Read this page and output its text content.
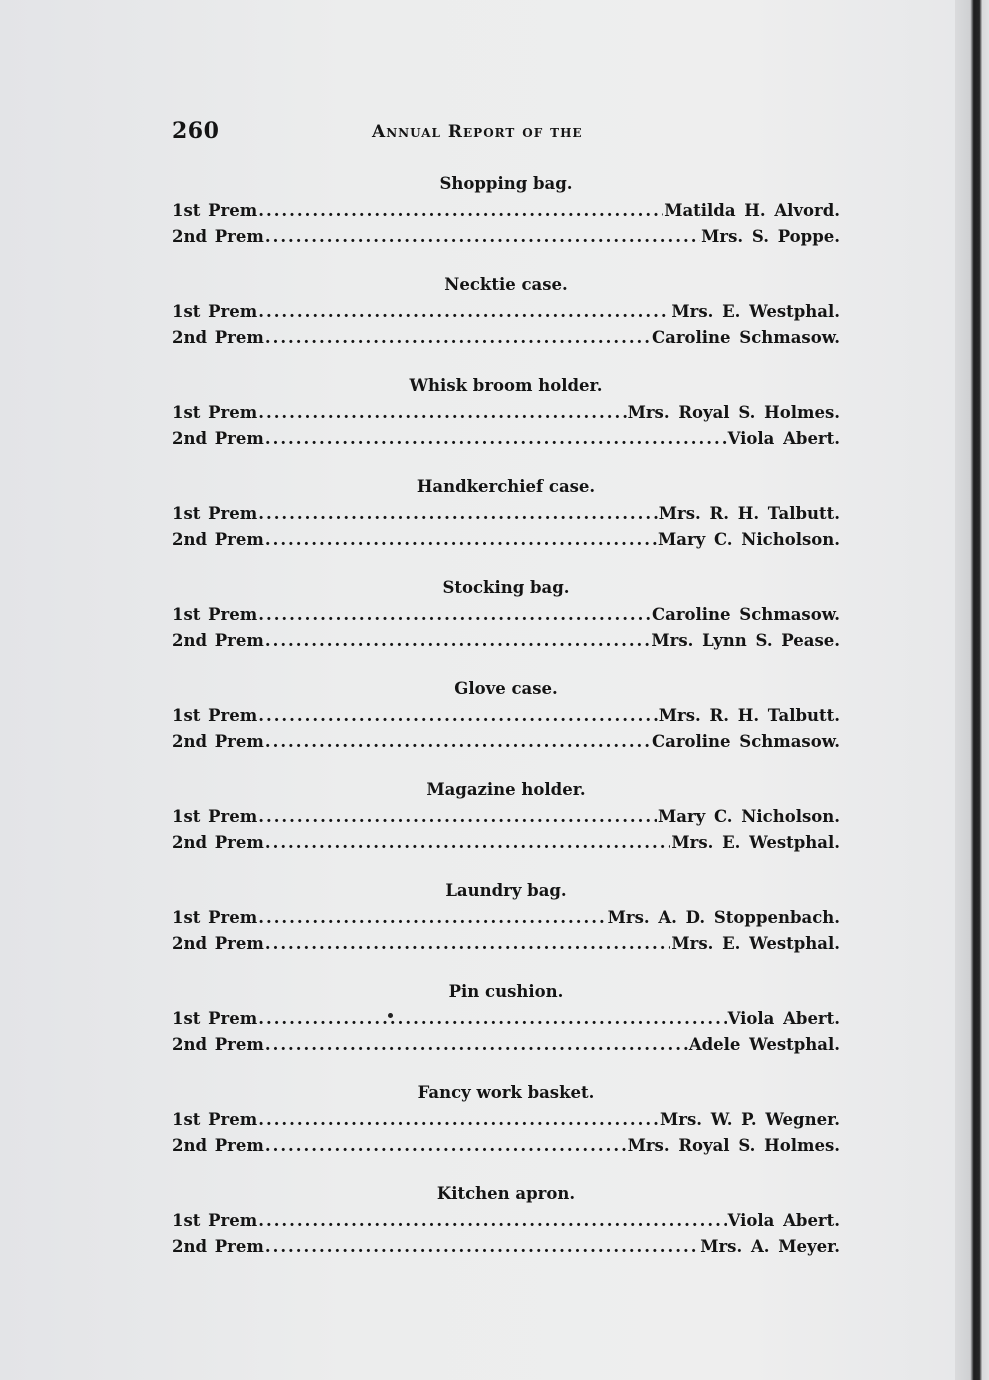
260	Annual Report of the
Shopping bag.
1st Prem .....	Matilda H. Alvord.
2nd Prem .....	Mrs. S. Poppe.
Necktie case.
1st Prem .....	Mrs. E. Westphal.
2nd Prem .....	Caroline Schmasow.
Whisk broom holder.
1st Prem .....	Mrs. Royal S. Holmes.
2nd Prem .....	Viola Abert.
Handkerchief case.
1st Prem .....	Mrs. R. H. Talbutt.
2nd Prem .....	Mary C. Nicholson.
Stocking bag.
1st Prem .....	Caroline Schmasow.
2nd Prem .....	Mrs. Lynn S. Pease.
Glove case.
1st Prem .....	Mrs. R. H. Talbutt.
2nd Prem .....	Caroline Schmasow.
Magazine holder.
1st Prem .....	Mary C. Nicholson.
2nd Prem .....	Mrs. E. Westphal.
Laundry bag.
1st Prem .....	Mrs. A. D. Stoppenbach.
2nd Prem .....	Mrs. E. Westphal.
Pin cushion.
1st Prem .....	Viola Abert.
2nd Prem .....	Adele Westphal.
Fancy work basket.
1st Prem .....	Mrs. W. P. Wegner.
2nd Prem .....	Mrs. Royal S. Holmes.
Kitchen apron.
1st Prem .....	Viola Abert.
2nd Prem .....	Mrs. A. Meyer.
